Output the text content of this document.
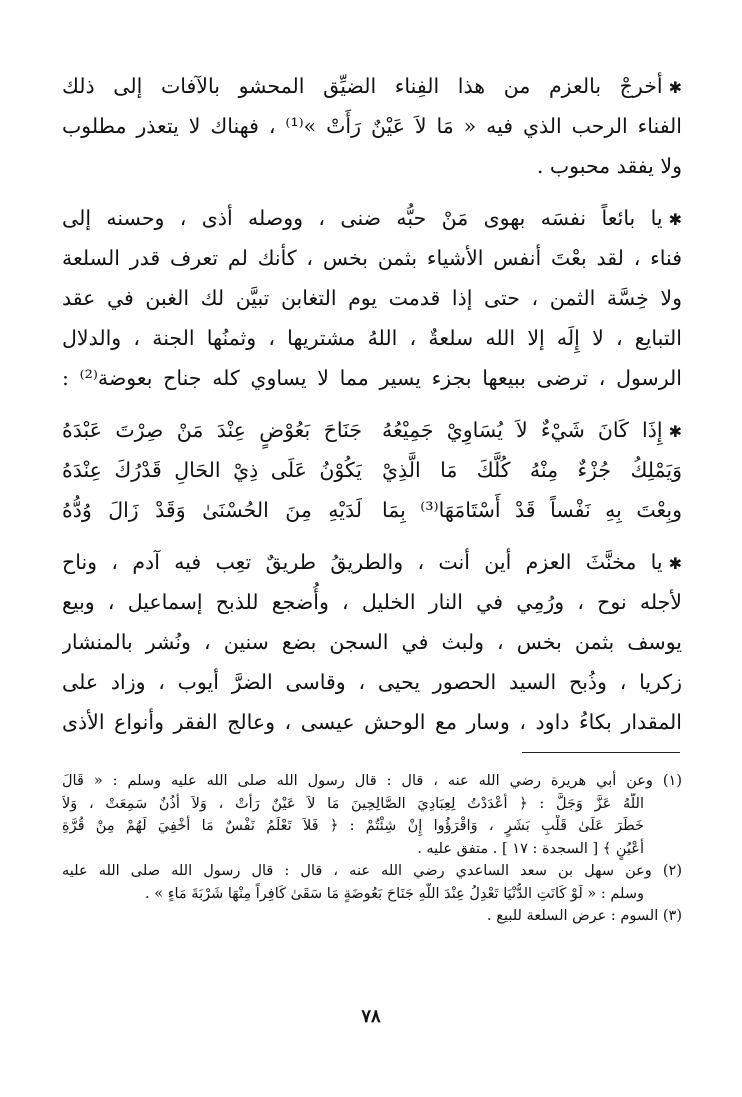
✱أخرجْ بالعزم من هذا الفِناء الضيِّق المحشو بالآفات إلى ذلك
الفناء الرحب الذي فيه « مَا لاَ عَيْنٌ رَأَتْ »⁽¹⁾ ، فهناك لا يتعذر مطلوب
ولا يفقد محبوب .
✱يا بائعاً نفسَه بهوى مَنْ حبُّه ضنى ، ووصله أذى ، وحسنه إلى
فناء ، لقد بعْتَ أنفس الأشياء بثمن بخس ، كأنك لم تعرف قدر السلعة
ولا خِسَّة الثمن ، حتى إذا قدمت يوم التغابن تبيَّن لك الغبن في عقد
التبايع ، لا إِلَه إلا الله سلعةٌ ، اللهُ مشتريها ، وثمنُها الجنة ، والدلال
الرسول ، ترضى ببيعها بجزء يسير مما لا يساوي كله جناح بعوضة⁽²⁾ :
✱إِذَا كَانَ شَيْءٌ لاَ يُسَاوِيْ جَمِيْعُهُ
جَنَاحَ بَعُوْضٍ عِنْدَ مَنْ صِرْتَ عَبْدَهُ
وَيَمْلِكُ جُزْءٌ مِنْهُ كُلَّكَ مَا الَّذِيْ
يَكُوْنُ عَلَى ذِيْ الحَالِ قَدْرُكَ عِنْدَهُ
وبِعْتَ بِهِ نَفْساً قَدْ أَسْتَامَهَا⁽³⁾ بِمَا
لَدَيْهِ مِنَ الحُسْنَىٰ وَقَدْ زَالَ وُدُّهُ
✱يا مخنَّثَ العزم أين أنت ، والطريقُ طريقٌ تعِب فيه آدم ، وناح
لأجله نوح ، ورُمِي في النار الخليل ، وأُضجع للذبح إسماعيل ، وبيع
يوسف بثمن بخس ، ولبث في السجن بضع سنين ، ونُشر بالمنشار
زكريا ، وذُبح السيد الحصور يحيى ، وقاسى الضرَّ أيوب ، وزاد على
المقدار بكاءُ داود ، وسار مع الوحش عيسى ، وعالج الفقر وأنواع الأذى
(١) وعن أبي هريرة رضي الله عنه ، قال : قال رسول الله صلى الله عليه وسلم : « قَالَ
اللَّهُ عَزَّ وَجَلَّ : ﴿ أَعْدَدْتُ لِعِبَادِيَ الصَّالِحِينَ مَا لاَ عَيْنٌ رَأَتْ ، وَلاَ أُذُنٌ سَمِعَتْ ، وَلاَ
خَطَرَ عَلَىٰ قَلْبِ بَشَرٍ ، وَاقْرَؤُوا إِنْ شِئْتُمْ : ﴿ فَلاَ تَعْلَمُ نَفْسٌ مَا أُخْفِيَ لَهُمْ مِنْ قُرَّةِ
أَعْيُنٍ ﴾ [ السجدة : ١٧ ] . متفق عليه .
(٢) وعن سهل بن سعد الساعدي رضي الله عنه ، قال : قال رسول الله صلى الله عليه
وسلم : « لَوْ كَانَتِ الدُّنْيَا تَعْدِلُ عِنْدَ اللَّهِ جَنَاحَ بَعُوضَةٍ مَا سَقَىٰ كَافِراً مِنْهَا شَرْبَةَ مَاءٍ » .
(٣) السوم : عرض السلعة للبيع .
٧٨
